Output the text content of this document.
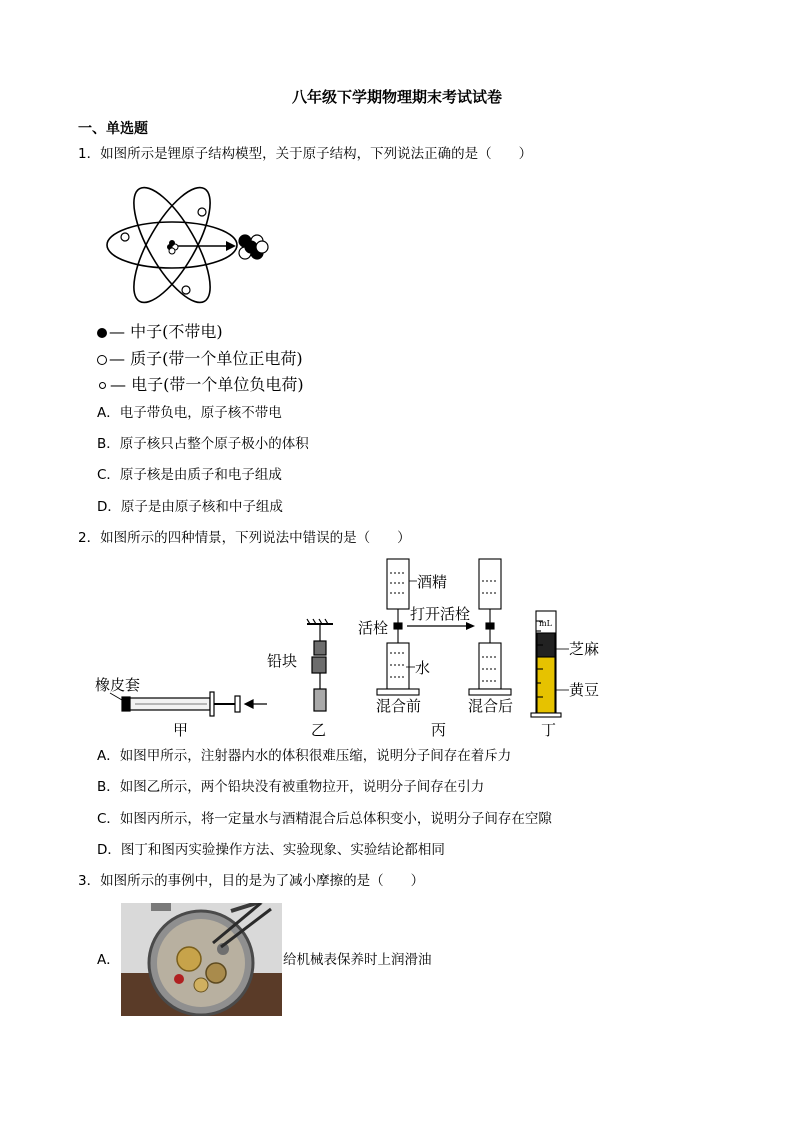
八年级下学期物理期末考试试卷
一、单选题
1．如图所示是锂原子结构模型，关于原子结构，下列说法正确的是（　　）
— 中子(不带电)
— 质子(带一个单位正电荷)
— 电子(带一个单位负电荷)
A．电子带负电，原子核不带电
B．原子核只占整个原子极小的体积
C．原子核是由质子和电子组成
D．原子是由原子核和中子组成
2．如图所示的四种情景，下列说法中错误的是（　　）
橡皮套
甲
铅块
乙
酒精
活栓
水
混合前
打开活栓
混合后
丙
mL
芝麻
黄豆
丁
A．如图甲所示，注射器内水的体积很难压缩，说明分子间存在着斥力
B．如图乙所示，两个铅块没有被重物拉开，说明分子间存在引力
C．如图丙所示，将一定量水与酒精混合后总体积变小，说明分子间存在空隙
D．图丁和图丙实验操作方法、实验现象、实验结论都相同
3．如图所示的事例中，目的是为了减小摩擦的是（　　）
A．	给机械表保养时上润滑油
